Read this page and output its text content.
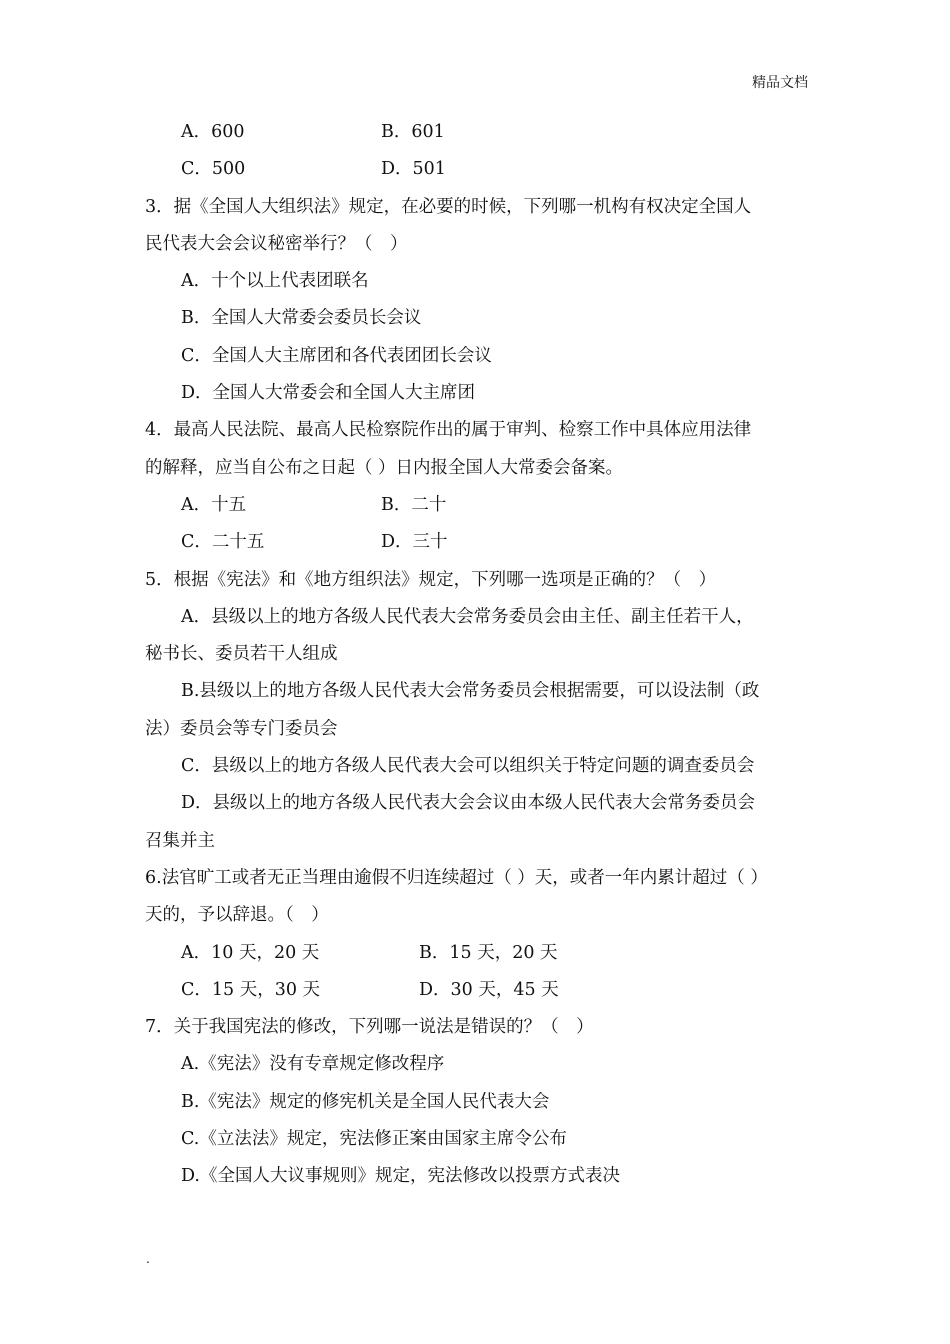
精品文档
A．600	B．601
C．500	D．501
3．据《全国人大组织法》规定，在必要的时候，下列哪一机构有权决定全国人
民代表大会会议秘密举行？（　）
A．十个以上代表团联名
B．全国人大常委会委员长会议
C．全国人大主席团和各代表团团长会议
D．全国人大常委会和全国人大主席团
4．最高人民法院、最高人民检察院作出的属于审判、检察工作中具体应用法律
的解释，应当自公布之日起（ ）日内报全国人大常委会备案。
A．十五	B．二十
C．二十五	D．三十
5．根据《宪法》和《地方组织法》规定，下列哪一选项是正确的？（　）
A．县级以上的地方各级人民代表大会常务委员会由主任、副主任若干人，
秘书长、委员若干人组成
B.县级以上的地方各级人民代表大会常务委员会根据需要，可以设法制（政
法）委员会等专门委员会
C．县级以上的地方各级人民代表大会可以组织关于特定问题的调查委员会
D．县级以上的地方各级人民代表大会会议由本级人民代表大会常务委员会
召集并主
6.法官旷工或者无正当理由逾假不归连续超过（ ）天，或者一年内累计超过（ ）
天的，予以辞退。（　）
A．10 天，20 天	B．15 天，20 天
C．15 天，30 天	D．30 天，45 天
7．关于我国宪法的修改，下列哪一说法是错误的？（　）
A.《宪法》没有专章规定修改程序
B.《宪法》规定的修宪机关是全国人民代表大会
C.《立法法》规定，宪法修正案由国家主席令公布
D.《全国人大议事规则》规定，宪法修改以投票方式表决
.
